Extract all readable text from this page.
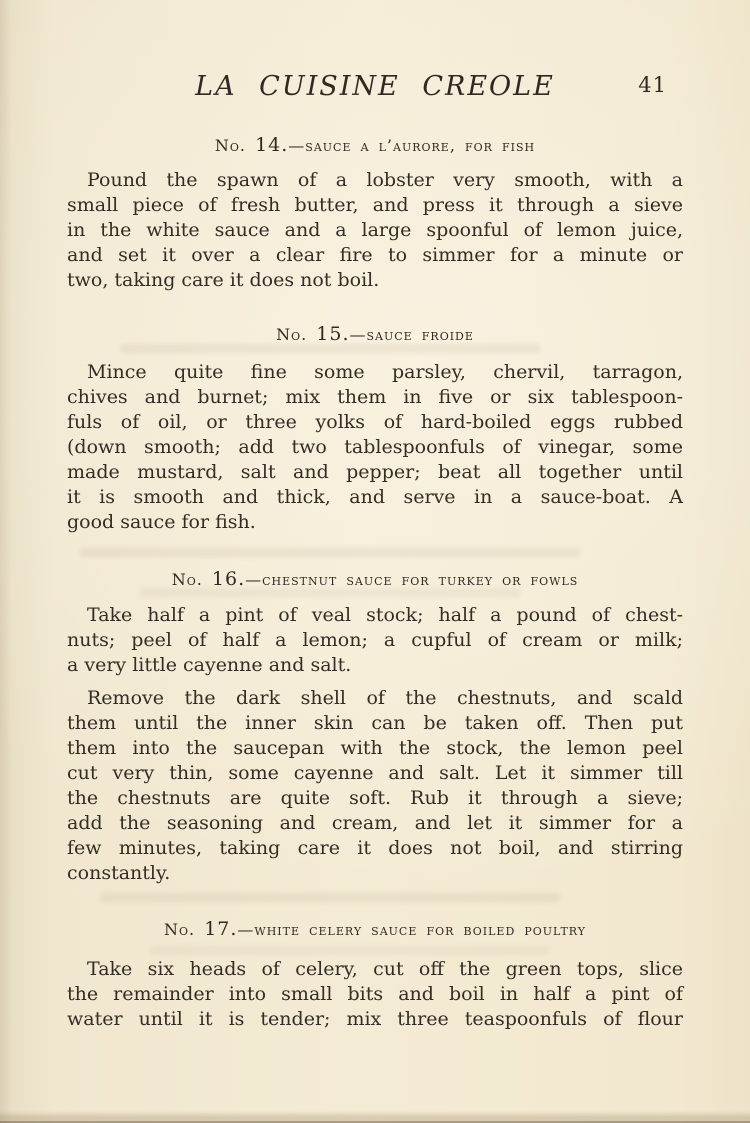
LA CUISINE CREOLE	41
No. 14.—sauce a l’aurore, for fish
Pound the spawn of a lobster very smooth, with a
small piece of fresh butter, and press it through a sieve
in the white sauce and a large spoonful of lemon juice,
and set it over a clear fire to simmer for a minute or
two, taking care it does not boil.
No. 15.—sauce froide
Mince quite fine some parsley, chervil, tarragon,
chives and burnet; mix them in five or six tablespoon-
fuls of oil, or three yolks of hard-boiled eggs rubbed
(down smooth; add two tablespoonfuls of vinegar, some
made mustard, salt and pepper; beat all together until
it is smooth and thick, and serve in a sauce-boat. A
good sauce for fish.
No. 16.—chestnut sauce for turkey or fowls
Take half a pint of veal stock; half a pound of chest-
nuts; peel of half a lemon; a cupful of cream or milk;
a very little cayenne and salt.
Remove the dark shell of the chestnuts, and scald
them until the inner skin can be taken off. Then put
them into the saucepan with the stock, the lemon peel
cut very thin, some cayenne and salt. Let it simmer till
the chestnuts are quite soft. Rub it through a sieve;
add the seasoning and cream, and let it simmer for a
few minutes, taking care it does not boil, and stirring
constantly.
No. 17.—white celery sauce for boiled poultry
Take six heads of celery, cut off the green tops, slice
the remainder into small bits and boil in half a pint of
water until it is tender; mix three teaspoonfuls of flour
